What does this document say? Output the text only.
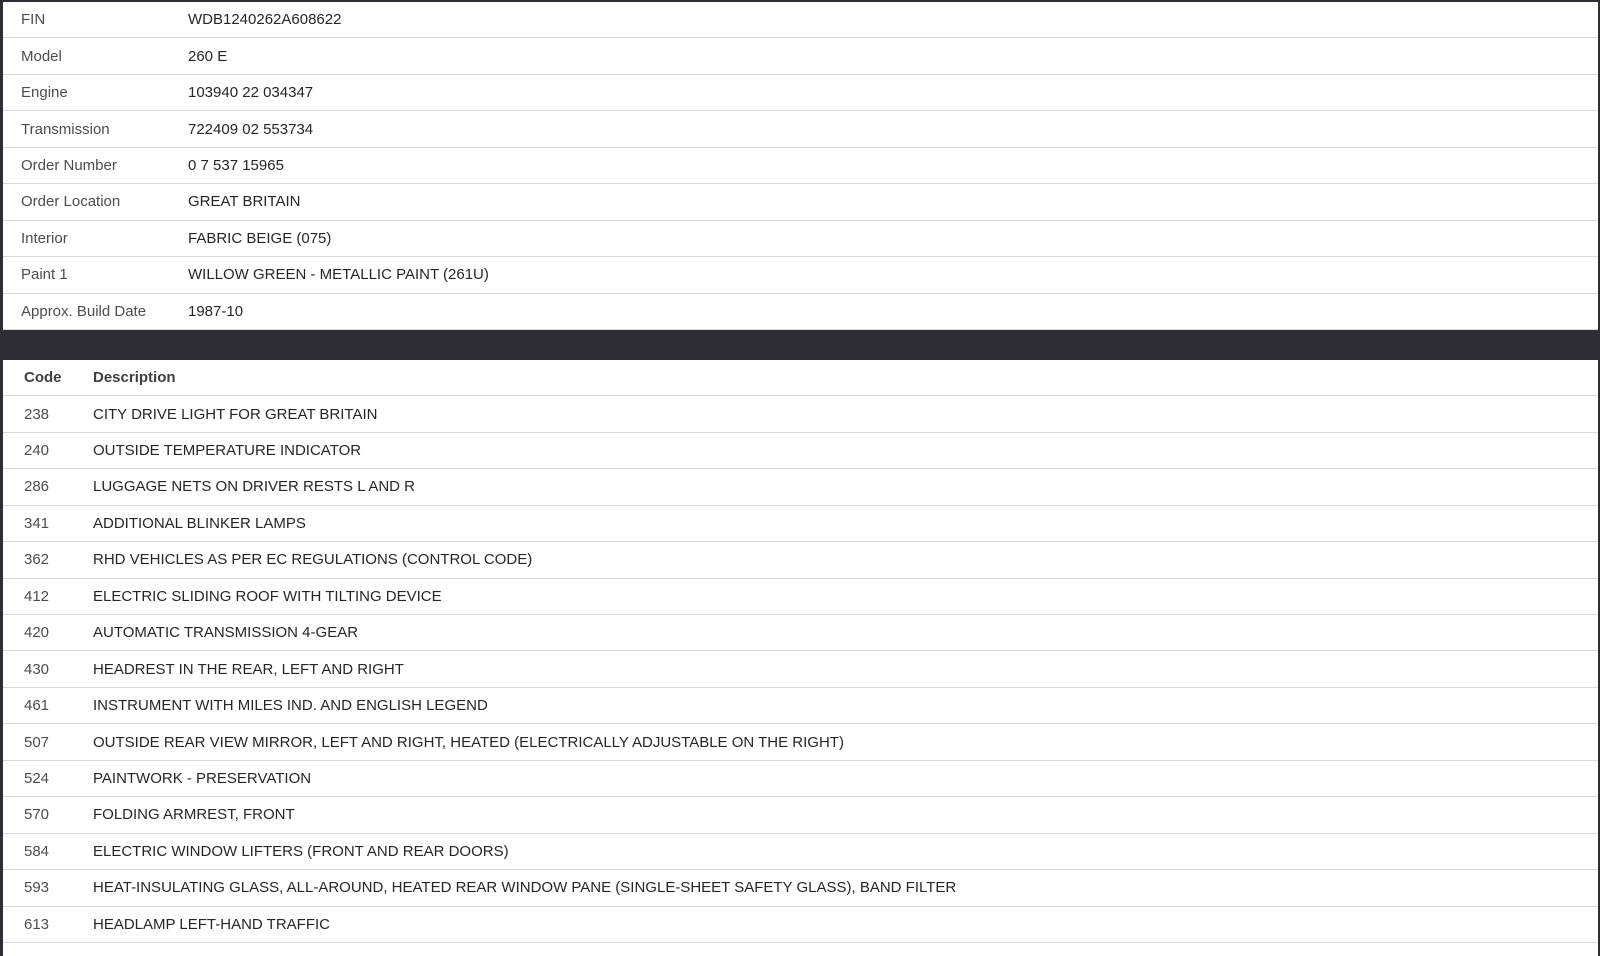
FIN	WDB1240262A608622
Model	260 E
Engine	103940 22 034347
Transmission	722409 02 553734
Order Number	0 7 537 15965
Order Location	GREAT BRITAIN
Interior	FABRIC BEIGE (075)
Paint 1	WILLOW GREEN - METALLIC PAINT (261U)
Approx. Build Date	1987-10
Code	Description
238	CITY DRIVE LIGHT FOR GREAT BRITAIN
240	OUTSIDE TEMPERATURE INDICATOR
286	LUGGAGE NETS ON DRIVER RESTS L AND R
341	ADDITIONAL BLINKER LAMPS
362	RHD VEHICLES AS PER EC REGULATIONS (CONTROL CODE)
412	ELECTRIC SLIDING ROOF WITH TILTING DEVICE
420	AUTOMATIC TRANSMISSION 4-GEAR
430	HEADREST IN THE REAR, LEFT AND RIGHT
461	INSTRUMENT WITH MILES IND. AND ENGLISH LEGEND
507	OUTSIDE REAR VIEW MIRROR, LEFT AND RIGHT, HEATED (ELECTRICALLY ADJUSTABLE ON THE RIGHT)
524	PAINTWORK - PRESERVATION
570	FOLDING ARMREST, FRONT
584	ELECTRIC WINDOW LIFTERS (FRONT AND REAR DOORS)
593	HEAT-INSULATING GLASS, ALL-AROUND, HEATED REAR WINDOW PANE (SINGLE-SHEET SAFETY GLASS), BAND FILTER
613	HEADLAMP LEFT-HAND TRAFFIC
